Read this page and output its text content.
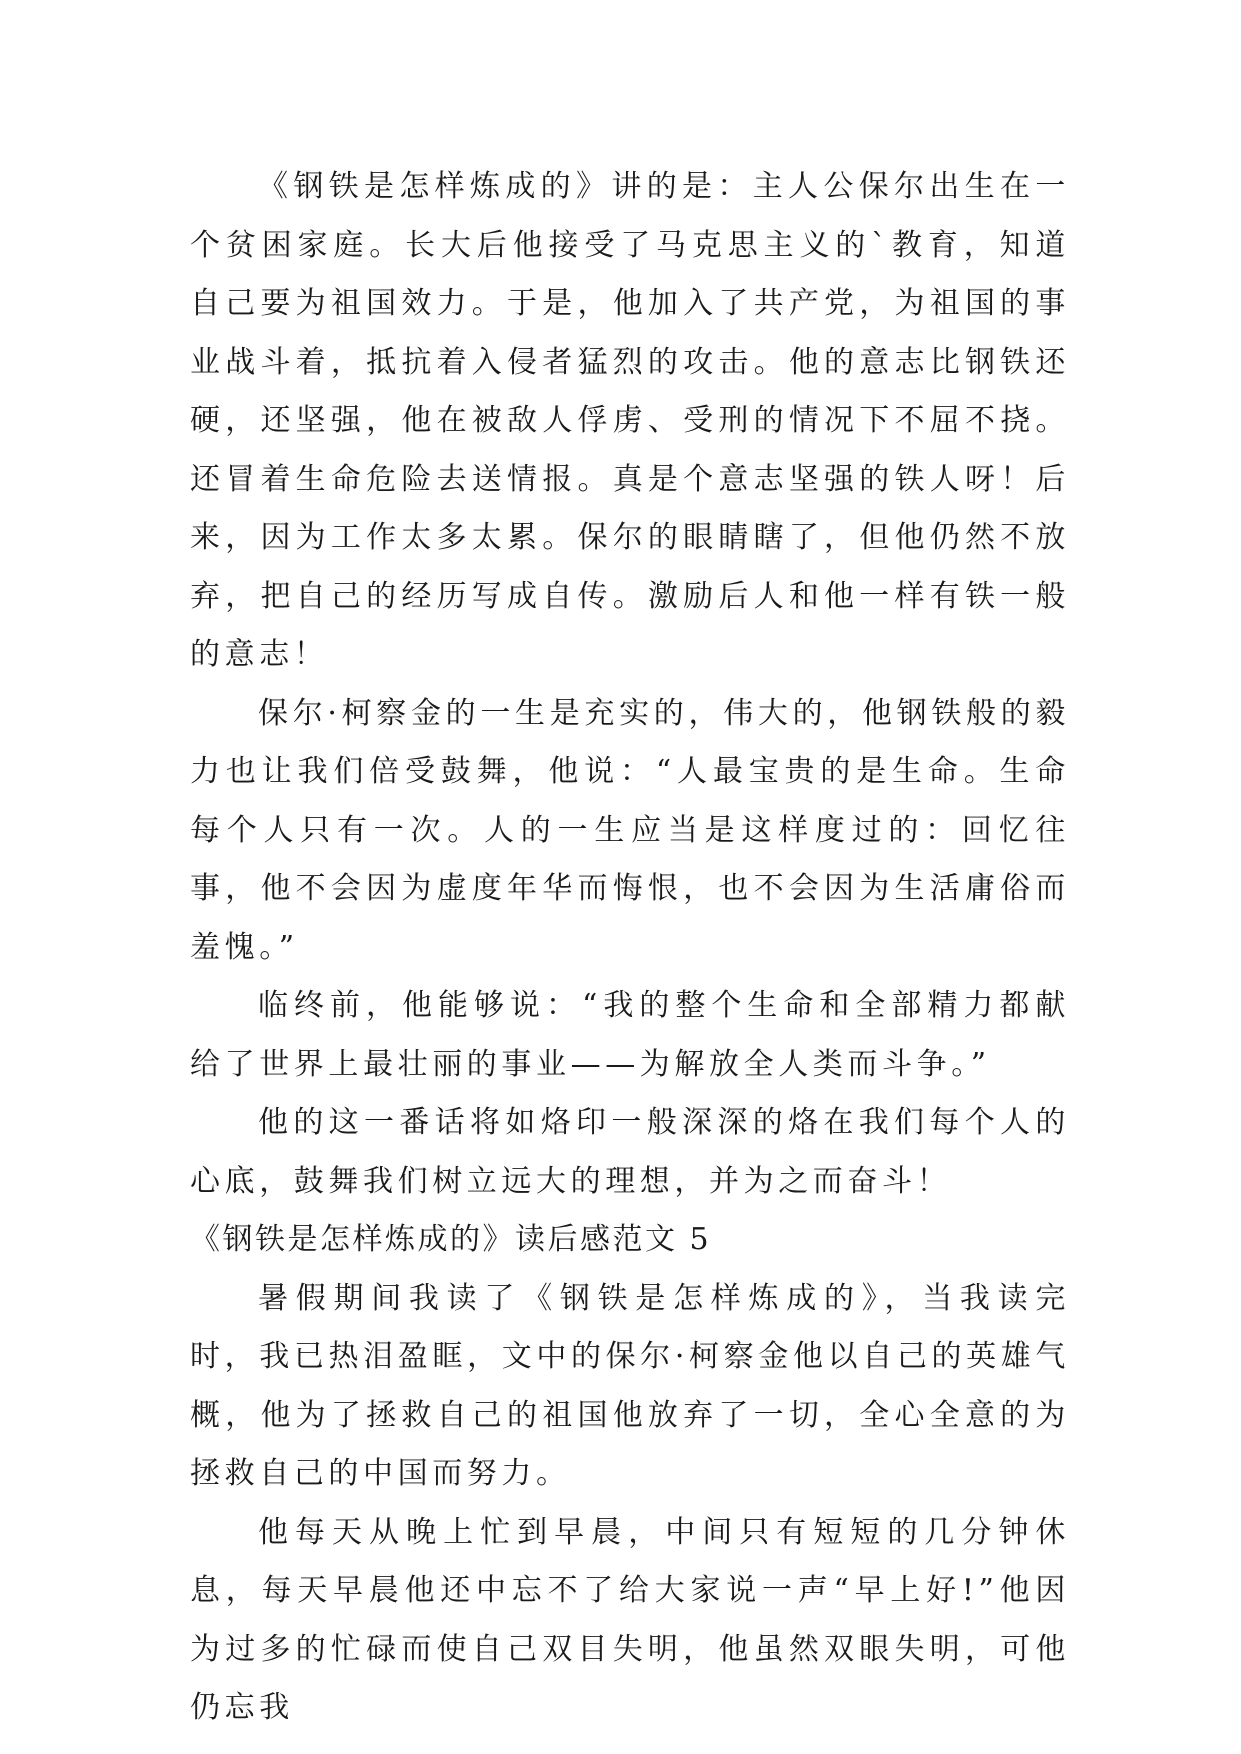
《钢铁是怎样炼成的》讲的是：主人公保尔出生在一个贫困家庭。长大后他接受了马克思主义的`教育，知道自己要为祖国效力。于是，他加入了共产党，为祖国的事业战斗着，抵抗着入侵者猛烈的攻击。他的意志比钢铁还硬，还坚强，他在被敌人俘虏、受刑的情况下不屈不挠。还冒着生命危险去送情报。真是个意志坚强的铁人呀！后来，因为工作太多太累。保尔的眼睛瞎了，但他仍然不放弃，把自己的经历写成自传。激励后人和他一样有铁一般的意志！

保尔·柯察金的一生是充实的，伟大的，他钢铁般的毅力也让我们倍受鼓舞，他说：“人最宝贵的是生命。生命每个人只有一次。人的一生应当是这样度过的：回忆往事，他不会因为虚度年华而悔恨，也不会因为生活庸俗而羞愧。”

临终前，他能够说：“我的整个生命和全部精力都献给了世界上最壮丽的事业——为解放全人类而斗争。”

他的这一番话将如烙印一般深深的烙在我们每个人的心底，鼓舞我们树立远大的理想，并为之而奋斗！

《钢铁是怎样炼成的》读后感范文 5

暑假期间我读了《钢铁是怎样炼成的》，当我读完时，我已热泪盈眶，文中的保尔·柯察金他以自己的英雄气概，他为了拯救自己的祖国他放弃了一切，全心全意的为拯救自己的中国而努力。

他每天从晚上忙到早晨，中间只有短短的几分钟休息，每天早晨他还中忘不了给大家说一声“早上好!”他因为过多的忙碌而使自己双目失明，他虽然双眼失明，可他仍忘我
